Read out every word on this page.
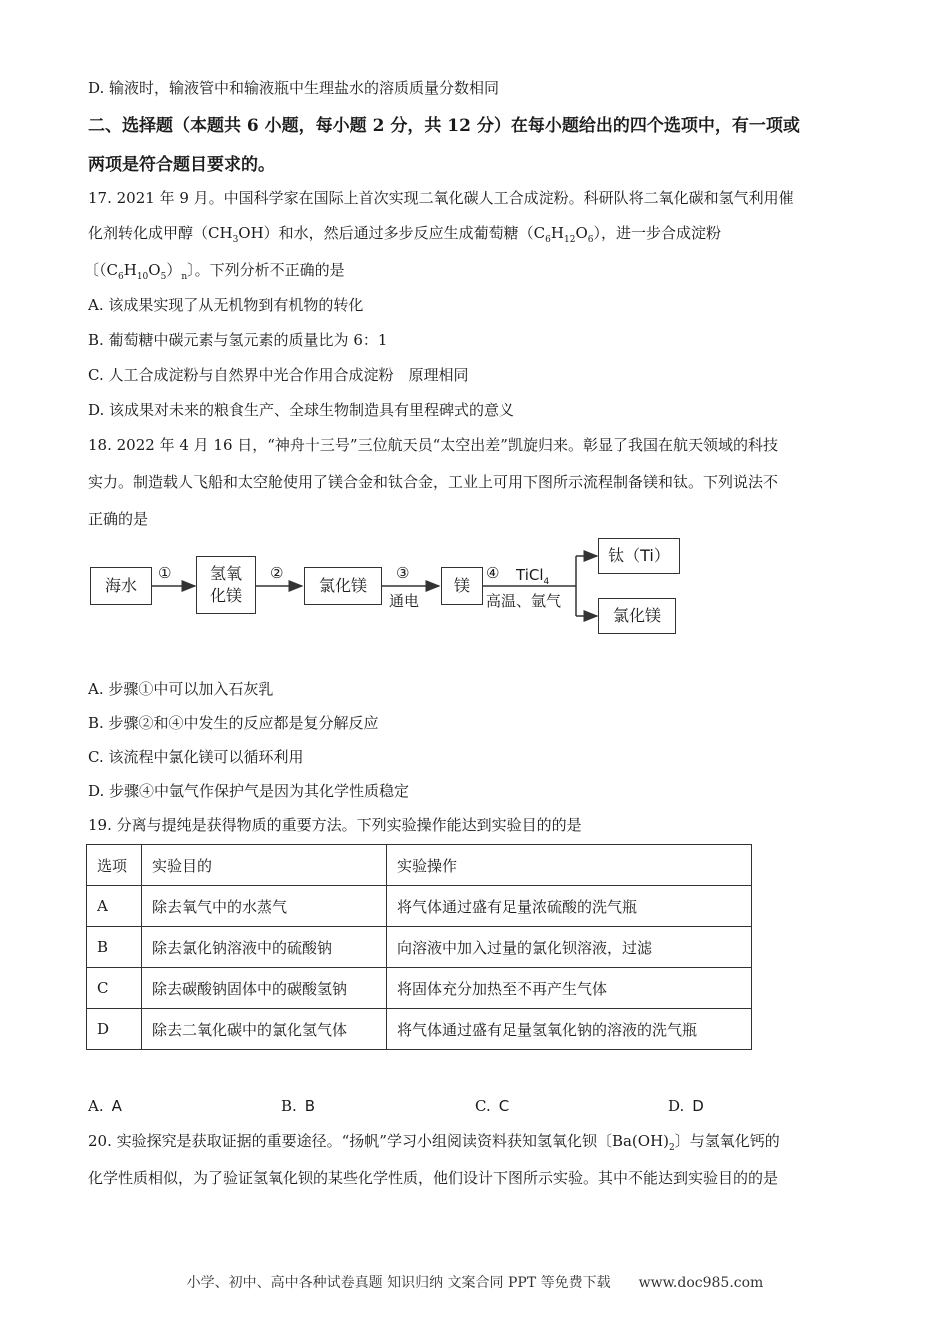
D. 输液时，输液管中和输液瓶中生理盐水的溶质质量分数相同
二、选择题（本题共 6 小题，每小题 2 分，共 12 分）在每小题给出的四个选项中，有一项或
两项是符合题目要求的。
17. 2021 年 9 月。中国科学家在国际上首次实现二氧化碳人工合成淀粉。科研队将二氧化碳和氢气利用催
化剂转化成甲醇$(CH_3OH)$和水，然后通过多步反应生成葡萄糖$(C_6H_{12}O_6)$，进一步合成淀粉
〔$(C_6H_{10}O_5)_n$〕。下列分析不正确的是
A. 该成果实现了从无机物到有机物的转化
B. 葡萄糖中碳元素与氢元素的质量比为 6：1
C. 人工合成淀粉与自然界中光合作用合成淀粉　原理相同
D. 该成果对未来的粮食生产、全球生物制造具有里程碑式的意义
18. 2022 年 4 月 16 日，“神舟十三号”三位航天员“太空出差”凯旋归来。彰显了我国在航天领域的科技
实力。制造载人飞船和太空舱使用了镁合金和钛合金，工业上可用下图所示流程制备镁和钛。下列说法不
正确的是
海水
氢氧
化镁
氯化镁	镁
钛（Ti）
氯化镁
①	②	③
通电
④ TiCl$_4$
高温、氩气
A. 步骤①中可以加入石灰乳
B. 步骤②和④中发生的反应都是复分解反应
C. 该流程中氯化镁可以循环利用
D. 步骤④中氩气作保护气是因为其化学性质稳定
19. 分离与提纯是获得物质的重要方法。下列实验操作能达到实验目的的是
选项	实验目的	实验操作
A	除去氧气中的水蒸气	将气体通过盛有足量浓硫酸的洗气瓶
B	除去氯化钠溶液中的硫酸钠	向溶液中加入过量的氯化钡溶液，过滤
C	除去碳酸钠固体中的碳酸氢钠	将固体充分加热至不再产生气体
D	除去二氧化碳中的氯化氢气体	将气体通过盛有足量氢氧化钠的溶液的洗气瓶
A. A	B. B	C. C	D. D
20. 实验探究是获取证据的重要途径。“扬帆”学习小组阅读资料获知氢氧化钡〔$Ba(OH)_2$〕与氢氧化钙的
化学性质相似，为了验证氢氧化钡的某些化学性质，他们设计下图所示实验。其中不能达到实验目的的是
小学、初中、高中各种试卷真题 知识归纳 文案合同 PPT 等免费下载　　www.doc985.com
